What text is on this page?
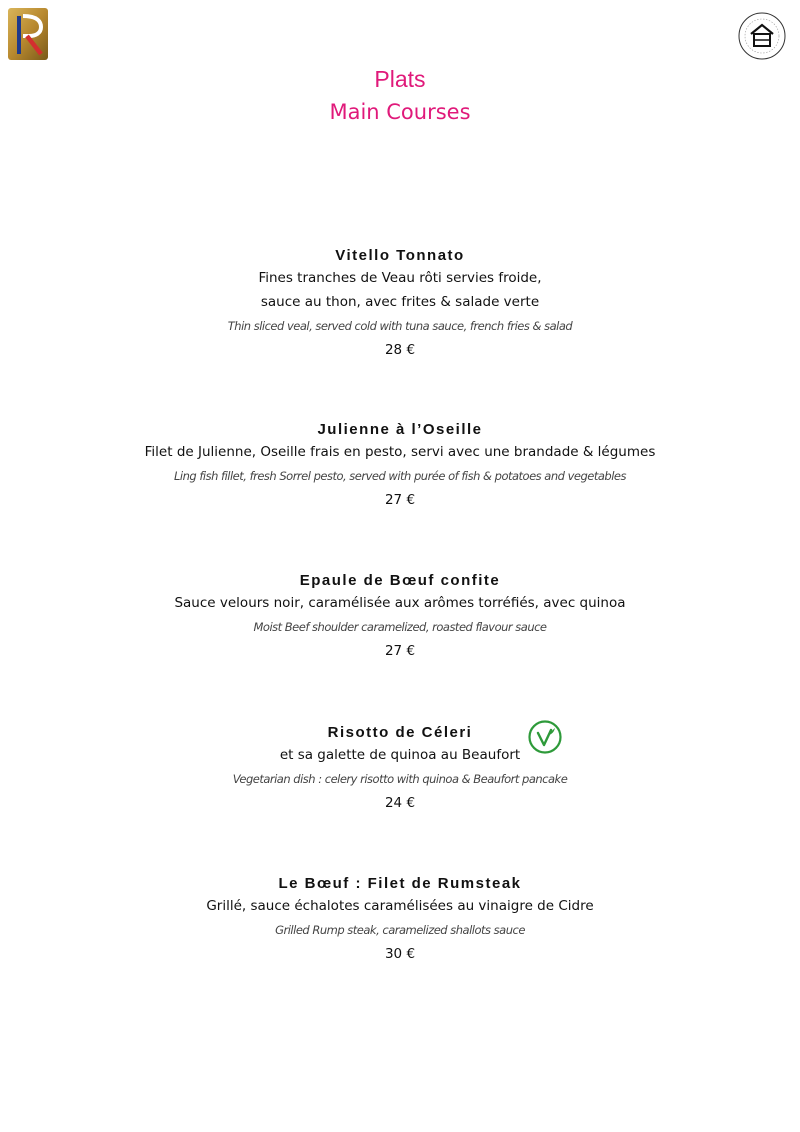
Plats
Main Courses
Vitello Tonnato
Fines tranches de Veau rôti servies froide,
sauce au thon, avec frites & salade verte
Thin sliced veal, served cold with tuna sauce, french fries & salad
28 €
Julienne à l’Oseille
Filet de Julienne, Oseille frais en pesto, servi avec une brandade & légumes
Ling fish fillet, fresh Sorrel pesto, served with purée of fish & potatoes and vegetables
27 €
Epaule de Bœuf confite
Sauce velours noir, caramélisée aux arômes torréfiés, avec quinoa
Moist Beef shoulder caramelized, roasted flavour sauce
27 €
Risotto de Céleri
et sa galette de quinoa au Beaufort
Vegetarian dish : celery risotto with quinoa & Beaufort pancake
24 €
Le Bœuf : Filet de Rumsteak
Grillé, sauce échalotes caramélisées au vinaigre de Cidre
Grilled Rump steak, caramelized shallots sauce
30 €
